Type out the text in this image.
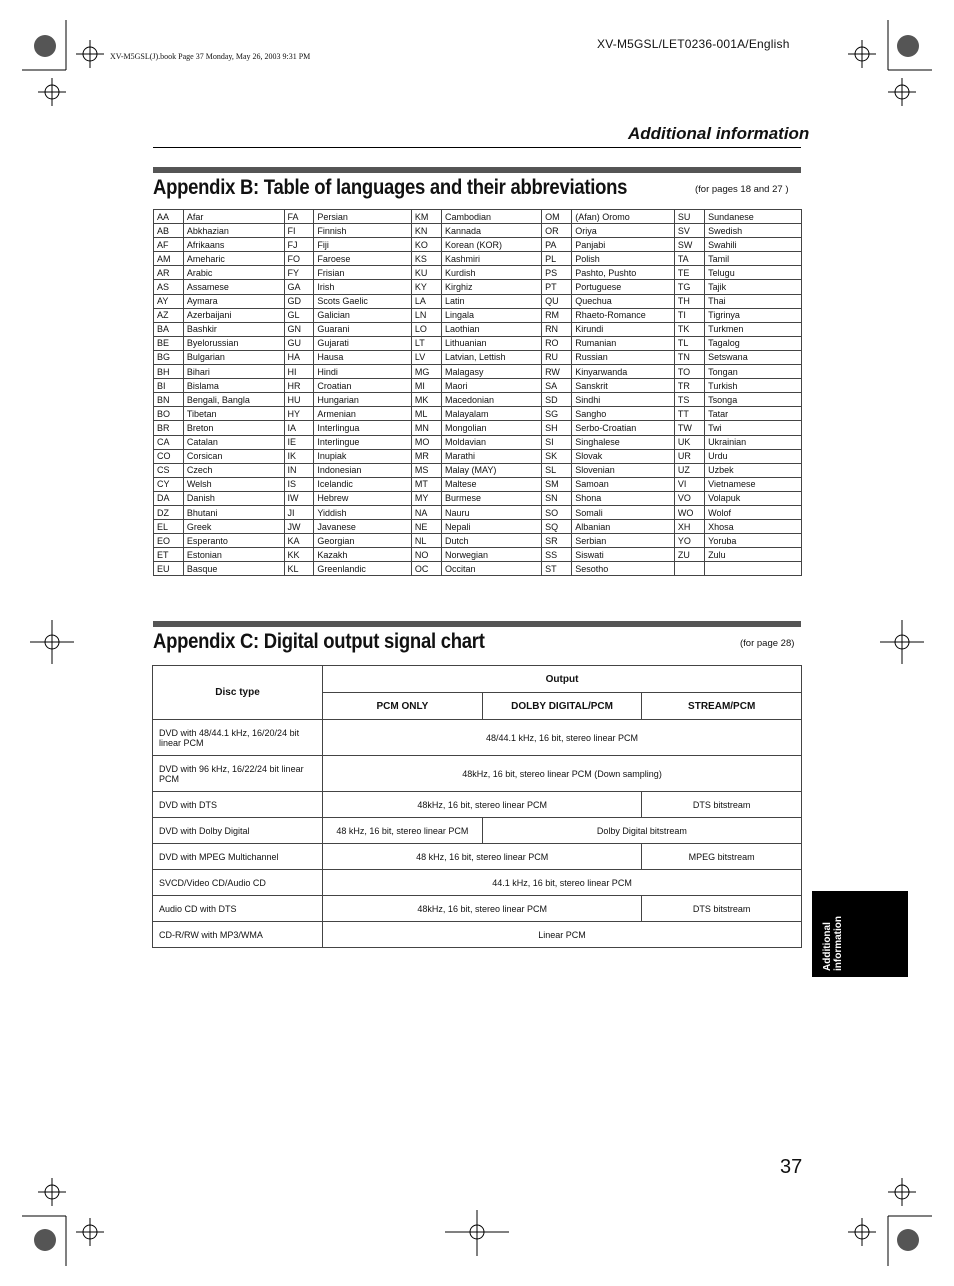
XV-M5GSL/LET0236-001A/English
XV-M5GSL(J).book Page 37 Monday, May 26, 2003 9:31 PM
Additional information
Appendix B: Table of languages and their abbreviations	(for pages 18 and 27 )
AA	Afar	FA	Persian	KM	Cambodian	OM	(Afan) Oromo	SU	Sundanese
AB	Abkhazian	FI	Finnish	KN	Kannada	OR	Oriya	SV	Swedish
AF	Afrikaans	FJ	Fiji	KO	Korean (KOR)	PA	Panjabi	SW	Swahili
AM	Ameharic	FO	Faroese	KS	Kashmiri	PL	Polish	TA	Tamil
AR	Arabic	FY	Frisian	KU	Kurdish	PS	Pashto, Pushto	TE	Telugu
AS	Assamese	GA	Irish	KY	Kirghiz	PT	Portuguese	TG	Tajik
AY	Aymara	GD	Scots Gaelic	LA	Latin	QU	Quechua	TH	Thai
AZ	Azerbaijani	GL	Galician	LN	Lingala	RM	Rhaeto-Romance	TI	Tigrinya
BA	Bashkir	GN	Guarani	LO	Laothian	RN	Kirundi	TK	Turkmen
BE	Byelorussian	GU	Gujarati	LT	Lithuanian	RO	Rumanian	TL	Tagalog
BG	Bulgarian	HA	Hausa	LV	Latvian, Lettish	RU	Russian	TN	Setswana
BH	Bihari	HI	Hindi	MG	Malagasy	RW	Kinyarwanda	TO	Tongan
BI	Bislama	HR	Croatian	MI	Maori	SA	Sanskrit	TR	Turkish
BN	Bengali, Bangla	HU	Hungarian	MK	Macedonian	SD	Sindhi	TS	Tsonga
BO	Tibetan	HY	Armenian	ML	Malayalam	SG	Sangho	TT	Tatar
BR	Breton	IA	Interlingua	MN	Mongolian	SH	Serbo-Croatian	TW	Twi
CA	Catalan	IE	Interlingue	MO	Moldavian	SI	Singhalese	UK	Ukrainian
CO	Corsican	IK	Inupiak	MR	Marathi	SK	Slovak	UR	Urdu
CS	Czech	IN	Indonesian	MS	Malay (MAY)	SL	Slovenian	UZ	Uzbek
CY	Welsh	IS	Icelandic	MT	Maltese	SM	Samoan	VI	Vietnamese
DA	Danish	IW	Hebrew	MY	Burmese	SN	Shona	VO	Volapuk
DZ	Bhutani	JI	Yiddish	NA	Nauru	SO	Somali	WO	Wolof
EL	Greek	JW	Javanese	NE	Nepali	SQ	Albanian	XH	Xhosa
EO	Esperanto	KA	Georgian	NL	Dutch	SR	Serbian	YO	Yoruba
ET	Estonian	KK	Kazakh	NO	Norwegian	SS	Siswati	ZU	Zulu
EU	Basque	KL	Greenlandic	OC	Occitan	ST	Sesotho		
Appendix C: Digital output signal chart	(for page 28)
Disc type	Output		
	PCM ONLY	DOLBY DIGITAL/PCM	STREAM/PCM
DVD with 48/44.1 kHz, 16/20/24 bit linear PCM	48/44.1 kHz, 16 bit, stereo linear PCM		
DVD with 96 kHz, 16/22/24 bit linear PCM	48kHz, 16 bit, stereo linear PCM (Down sampling)		
DVD with DTS	48kHz, 16 bit, stereo linear PCM		DTS bitstream
DVD with Dolby Digital	48 kHz, 16 bit, stereo linear PCM	Dolby Digital bitstream	
DVD with MPEG Multichannel	48 kHz, 16 bit, stereo linear PCM		MPEG bitstream
SVCD/Video CD/Audio CD	44.1 kHz, 16 bit, stereo linear PCM		
Audio CD with DTS	48kHz, 16 bit, stereo linear PCM		DTS bitstream
CD-R/RW with MP3/WMA	Linear PCM			Additional information
37
